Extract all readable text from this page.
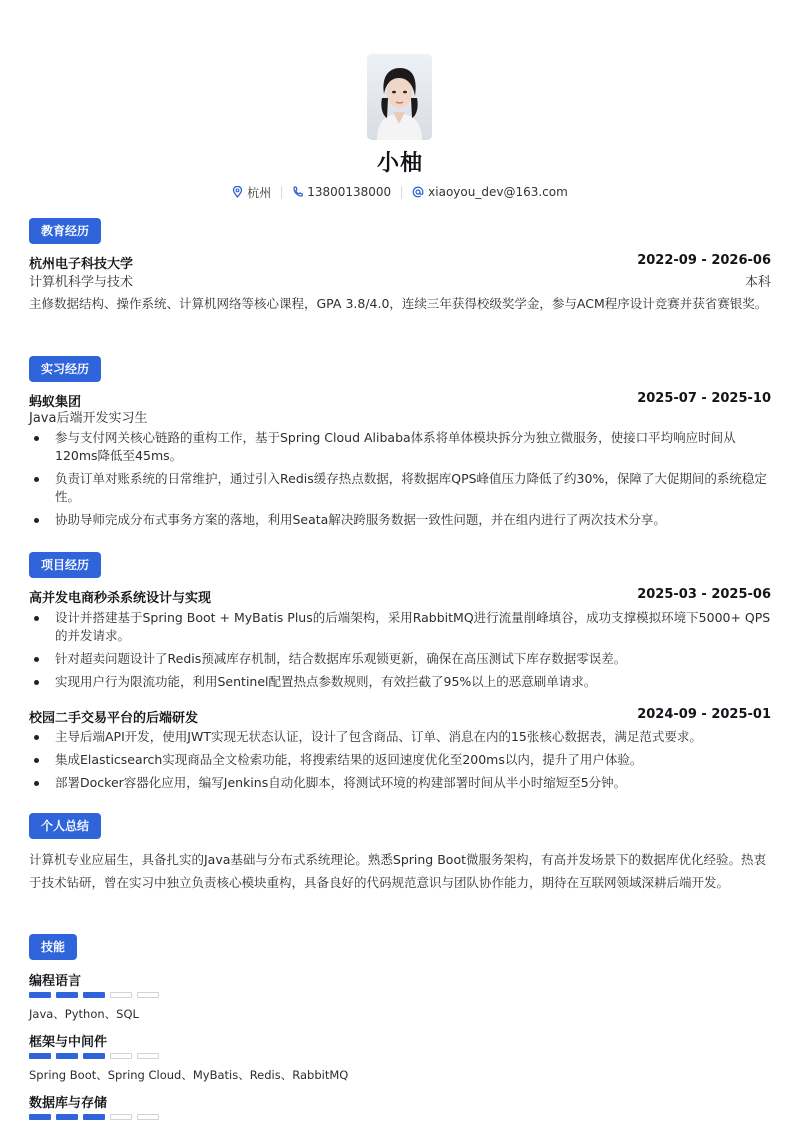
小柚
杭州	13800138000	xiaoyou_dev@163.com
教育经历
杭州电子科技大学	2022-09 - 2026-06
计算机科学与技术	本科
主修数据结构、操作系统、计算机网络等核心课程，GPA 3.8/4.0，连续三年获得校级奖学金，参与ACM程序设计竞赛并获省赛银奖。
实习经历
蚂蚁集团	2025-07 - 2025-10
Java后端开发实习生
参与支付网关核心链路的重构工作，基于Spring Cloud Alibaba体系将单体模块拆分为独立微服务，使接口平均响应时间从120ms降低至45ms。
负责订单对账系统的日常维护，通过引入Redis缓存热点数据，将数据库QPS峰值压力降低了约30%，保障了大促期间的系统稳定性。
协助导师完成分布式事务方案的落地，利用Seata解决跨服务数据一致性问题，并在组内进行了两次技术分享。
项目经历
高并发电商秒杀系统设计与实现	2025-03 - 2025-06
设计并搭建基于Spring Boot + MyBatis Plus的后端架构，采用RabbitMQ进行流量削峰填谷，成功支撑模拟环境下5000+ QPS的并发请求。
针对超卖问题设计了Redis预减库存机制，结合数据库乐观锁更新，确保在高压测试下库存数据零误差。
实现用户行为限流功能，利用Sentinel配置热点参数规则，有效拦截了95%以上的恶意刷单请求。
校园二手交易平台的后端研发	2024-09 - 2025-01
主导后端API开发，使用JWT实现无状态认证，设计了包含商品、订单、消息在内的15张核心数据表，满足范式要求。
集成Elasticsearch实现商品全文检索功能，将搜索结果的返回速度优化至200ms以内，提升了用户体验。
部署Docker容器化应用，编写Jenkins自动化脚本，将测试环境的构建部署时间从半小时缩短至5分钟。
个人总结
计算机专业应届生，具备扎实的Java基础与分布式系统理论。熟悉Spring Boot微服务架构，有高并发场景下的数据库优化经验。热衷于技术钻研，曾在实习中独立负责核心模块重构，具备良好的代码规范意识与团队协作能力，期待在互联网领域深耕后端开发。
技能
编程语言
Java、Python、SQL
框架与中间件
Spring Boot、Spring Cloud、MyBatis、Redis、RabbitMQ
数据库与存储
